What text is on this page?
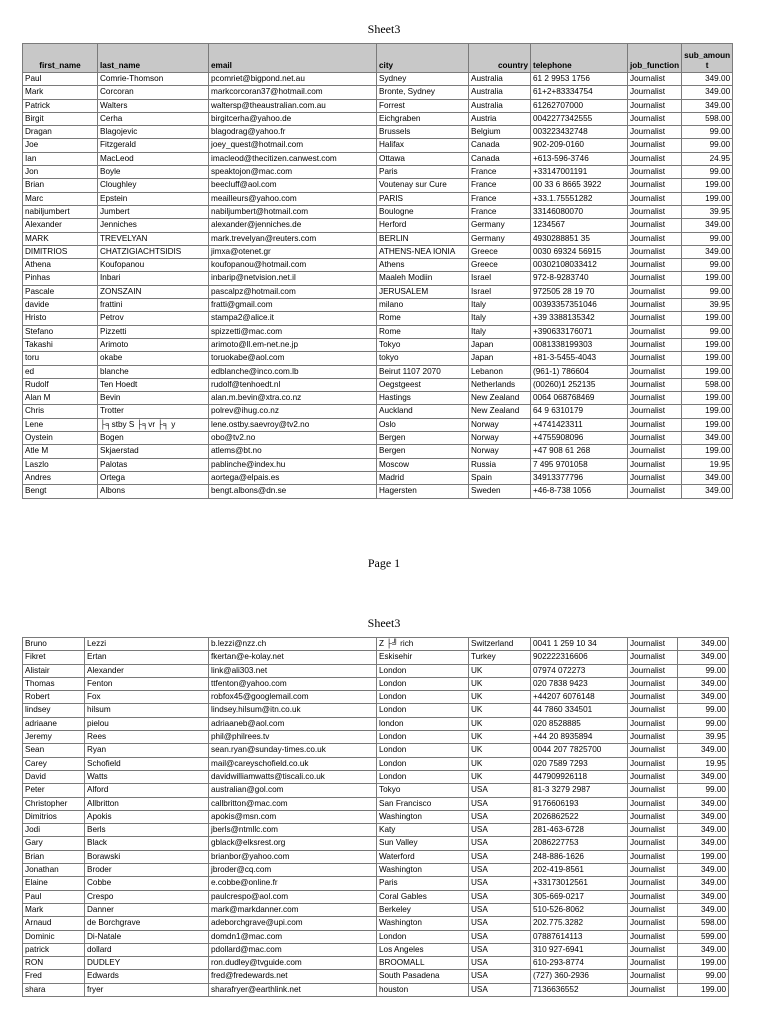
Sheet3
first_name	last_name	email	city	country	telephone	job_function	sub_amount
Paul	Comrie-Thomson	pcomriet@bigpond.net.au	Sydney	Australia	61 2 9953 1756	Journalist	349.00
Mark	Corcoran	markcorcoran37@hotmail.com	Bronte, Sydney	Australia	61+2+83334754	Journalist	349.00
Patrick	Walters	waltersp@theaustralian.com.au	Forrest	Australia	61262707000	Journalist	349.00
Birgit	Cerha	birgitcerha@yahoo.de	Eichgraben	Austria	0042277342555	Journalist	598.00
Dragan	Blagojevic	blagodrag@yahoo.fr	Brussels	Belgium	003223432748	Journalist	99.00
Joe	Fitzgerald	joey_quest@hotmail.com	Halifax	Canada	902-209-0160	Journalist	99.00
Ian	MacLeod	imacleod@thecitizen.canwest.com	Ottawa	Canada	+613-596-3746	Journalist	24.95
Jon	Boyle	speaktojon@mac.com	Paris	France	+33147001191	Journalist	99.00
Brian	Cloughley	beecluff@aol.com	Voutenay sur Cure	France	00 33 6 8665 3922	Journalist	199.00
Marc	Epstein	meailleurs@yahoo.com	PARIS	France	+33.1.75551282	Journalist	199.00
nabiljumbert	Jumbert	nabiljumbert@hotmail.com	Boulogne	France	33146080070	Journalist	39.95
Alexander	Jenniches	alexander@jenniches.de	Herford	Germany	1234567	Journalist	349.00
MARK	TREVELYAN	mark.trevelyan@reuters.com	BERLIN	Germany	4930288851 35	Journalist	99.00
DIMITRIOS	CHATZIGIACHTSIDIS	jimxa@otenet.gr	ATHENS-NEA IONIA	Greece	0030 69324 56915	Journalist	349.00
Athena	Koufopanou	koufopanou@hotmail.com	Athens	Greece	00302108033412	Journalist	99.00
Pinhas	Inbari	inbarip@netvision.net.il	Maaleh Modiin	Israel	972-8-9283740	Journalist	199.00
Pascale	ZONSZAIN	pascalpz@hotmail.com	JERUSALEM	Israel	972505 28 19 70	Journalist	99.00
davide	frattini	fratti@gmail.com	milano	Italy	00393357351046	Journalist	39.95
Hristo	Petrov	stampa2@alice.it	Rome	Italy	+39 3388135342	Journalist	199.00
Stefano	Pizzetti	spizzetti@mac.com	Rome	Italy	+390633176071	Journalist	99.00
Takashi	Arimoto	arimoto@ll.em-net.ne.jp	Tokyo	Japan	0081338199303	Journalist	199.00
toru	okabe	toruokabe@aol.com	tokyo	Japan	+81-3-5455-4043	Journalist	199.00
ed	blanche	edblanche@inco.com.lb	Beirut 1107 2070	Lebanon	(961-1) 786604	Journalist	199.00
Rudolf	Ten Hoedt	rudolf@tenhoedt.nl	Oegstgeest	Netherlands	(00260)1 252135	Journalist	598.00
Alan M	Bevin	alan.m.bevin@xtra.co.nz	Hastings	New Zealand	0064 068768469	Journalist	199.00
Chris	Trotter	polrev@ihug.co.nz	Auckland	New Zealand	64 9 6310179	Journalist	199.00
Lene	├╕stby S ├╕vr ├╕ y	lene.ostby.saevroy@tv2.no	Oslo	Norway	+4741423311	Journalist	199.00
Oystein	Bogen	obo@tv2.no	Bergen	Norway	+4755908096	Journalist	349.00
Atle M	Skjaerstad	atlems@bt.no	Bergen	Norway	+47 908 61 268	Journalist	199.00
Laszlo	Palotas	pablinche@index.hu	Moscow	Russia	7 495 9701058	Journalist	19.95
Andres	Ortega	aortega@elpais.es	Madrid	Spain	34913377796	Journalist	349.00
Bengt	Albons	bengt.albons@dn.se	Hagersten	Sweden	+46-8-738 1056	Journalist	349.00
Page 1
Sheet3
Bruno	Lezzi	b.lezzi@nzz.ch	Z ├╝ rich	Switzerland	0041 1 259 10 34	Journalist	349.00
Fikret	Ertan	fkertan@e-kolay.net	Eskisehir	Turkey	902222316606	Journalist	349.00
Alistair	Alexander	link@ali303.net	London	UK	07974 072273	Journalist	99.00
Thomas	Fenton	ttfenton@yahoo.com	London	UK	020 7838 9423	Journalist	349.00
Robert	Fox	robfox45@googlemail.com	London	UK	+44207 6076148	Journalist	349.00
lindsey	hilsum	lindsey.hilsum@itn.co.uk	London	UK	44 7860 334501	Journalist	99.00
adriaane	pielou	adriaaneb@aol.com	london	UK	020 8528885	Journalist	99.00
Jeremy	Rees	phil@philrees.tv	London	UK	+44 20 8935894	Journalist	39.95
Sean	Ryan	sean.ryan@sunday-times.co.uk	London	UK	0044 207 7825700	Journalist	349.00
Carey	Schofield	mail@careyschofield.co.uk	London	UK	020 7589 7293	Journalist	19.95
David	Watts	davidwilliamwatts@tiscali.co.uk	London	UK	447909926118	Journalist	349.00
Peter	Alford	australian@gol.com	Tokyo	USA	81-3 3279 2987	Journalist	99.00
Christopher	Allbritton	callbritton@mac.com	San Francisco	USA	9176606193	Journalist	349.00
Dimitrios	Apokis	apokis@msn.com	Washington	USA	2026862522	Journalist	349.00
Jodi	Berls	jberls@ntmllc.com	Katy	USA	281-463-6728	Journalist	349.00
Gary	Black	gblack@elksrest.org	Sun Valley	USA	2086227753	Journalist	349.00
Brian	Borawski	brianbor@yahoo.com	Waterford	USA	248-886-1626	Journalist	199.00
Jonathan	Broder	jbroder@cq.com	Washington	USA	202-419-8561	Journalist	349.00
Elaine	Cobbe	e.cobbe@online.fr	Paris	USA	+33173012561	Journalist	349.00
Paul	Crespo	paulcrespo@aol.com	Coral Gables	USA	305-669-0217	Journalist	349.00
Mark	Danner	mark@markdanner.com	Berkeley	USA	510-526-8062	Journalist	349.00
Arnaud	de Borchgrave	adeborchgrave@upi.com	Washington	USA	202.775.3282	Journalist	598.00
Dominic	Di-Natale	domdn1@mac.com	London	USA	07887614113	Journalist	599.00
patrick	dollard	pdollard@mac.com	Los Angeles	USA	310 927-6941	Journalist	349.00
RON	DUDLEY	ron.dudley@tvguide.com	BROOMALL	USA	610-293-8774	Journalist	199.00
Fred	Edwards	fred@fredewards.net	South Pasadena	USA	(727) 360-2936	Journalist	99.00
shara	fryer	sharafryer@earthlink.net	houston	USA	7136636552	Journalist	199.00
